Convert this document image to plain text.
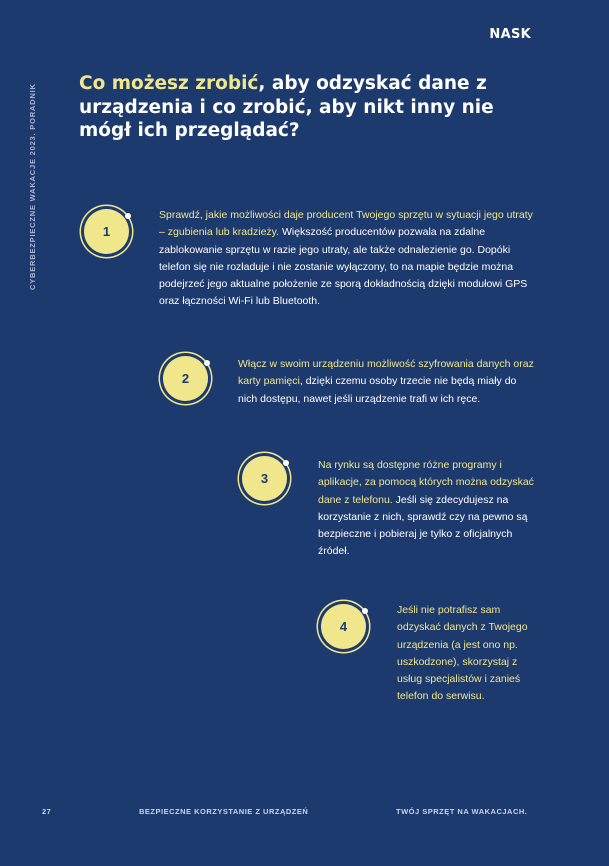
NASK
CYBERBEZPIECZNE WAKACJE 2023. PORADNIK Co możesz zrobić, aby odzyskać dane z urządzenia i co zrobić, aby nikt inny nie mógł ich przeglądać?
1
Sprawdź, jakie możliwości daje producent Twojego sprzętu w sytuacji jego utraty – zgubienia lub kradzieży. Większość producentów pozwala na zdalne zablokowanie sprzętu w razie jego utraty, ale także odnalezienie go. Dopóki telefon się nie rozładuje i nie zostanie wyłączony, to na mapie będzie można podejrzeć jego aktualne położenie ze sporą dokładnością dzięki modułowi GPS oraz łączności Wi-Fi lub Bluetooth.
2
Włącz w swoim urządzeniu możliwość szyfrowania danych oraz karty pamięci, dzięki czemu osoby trzecie nie będą miały do nich dostępu, nawet jeśli urządzenie trafi w ich ręce.
3
Na rynku są dostępne różne programy i aplikacje, za pomocą których można odzyskać dane z telefonu. Jeśli się zdecydujesz na korzystanie z nich, sprawdź czy na pewno są bezpieczne i pobieraj je tylko z oficjalnych źródeł.
4
Jeśli nie potrafisz sam odzyskać danych z Twojego urządzenia (a jest ono np. uszkodzone), skorzystaj z usług specjalistów i zanieś telefon do serwisu.
27	BEZPIECZNE KORZYSTANIE Z URZĄDZEŃ	TWÓJ SPRZĘT NA WAKACJACH.
